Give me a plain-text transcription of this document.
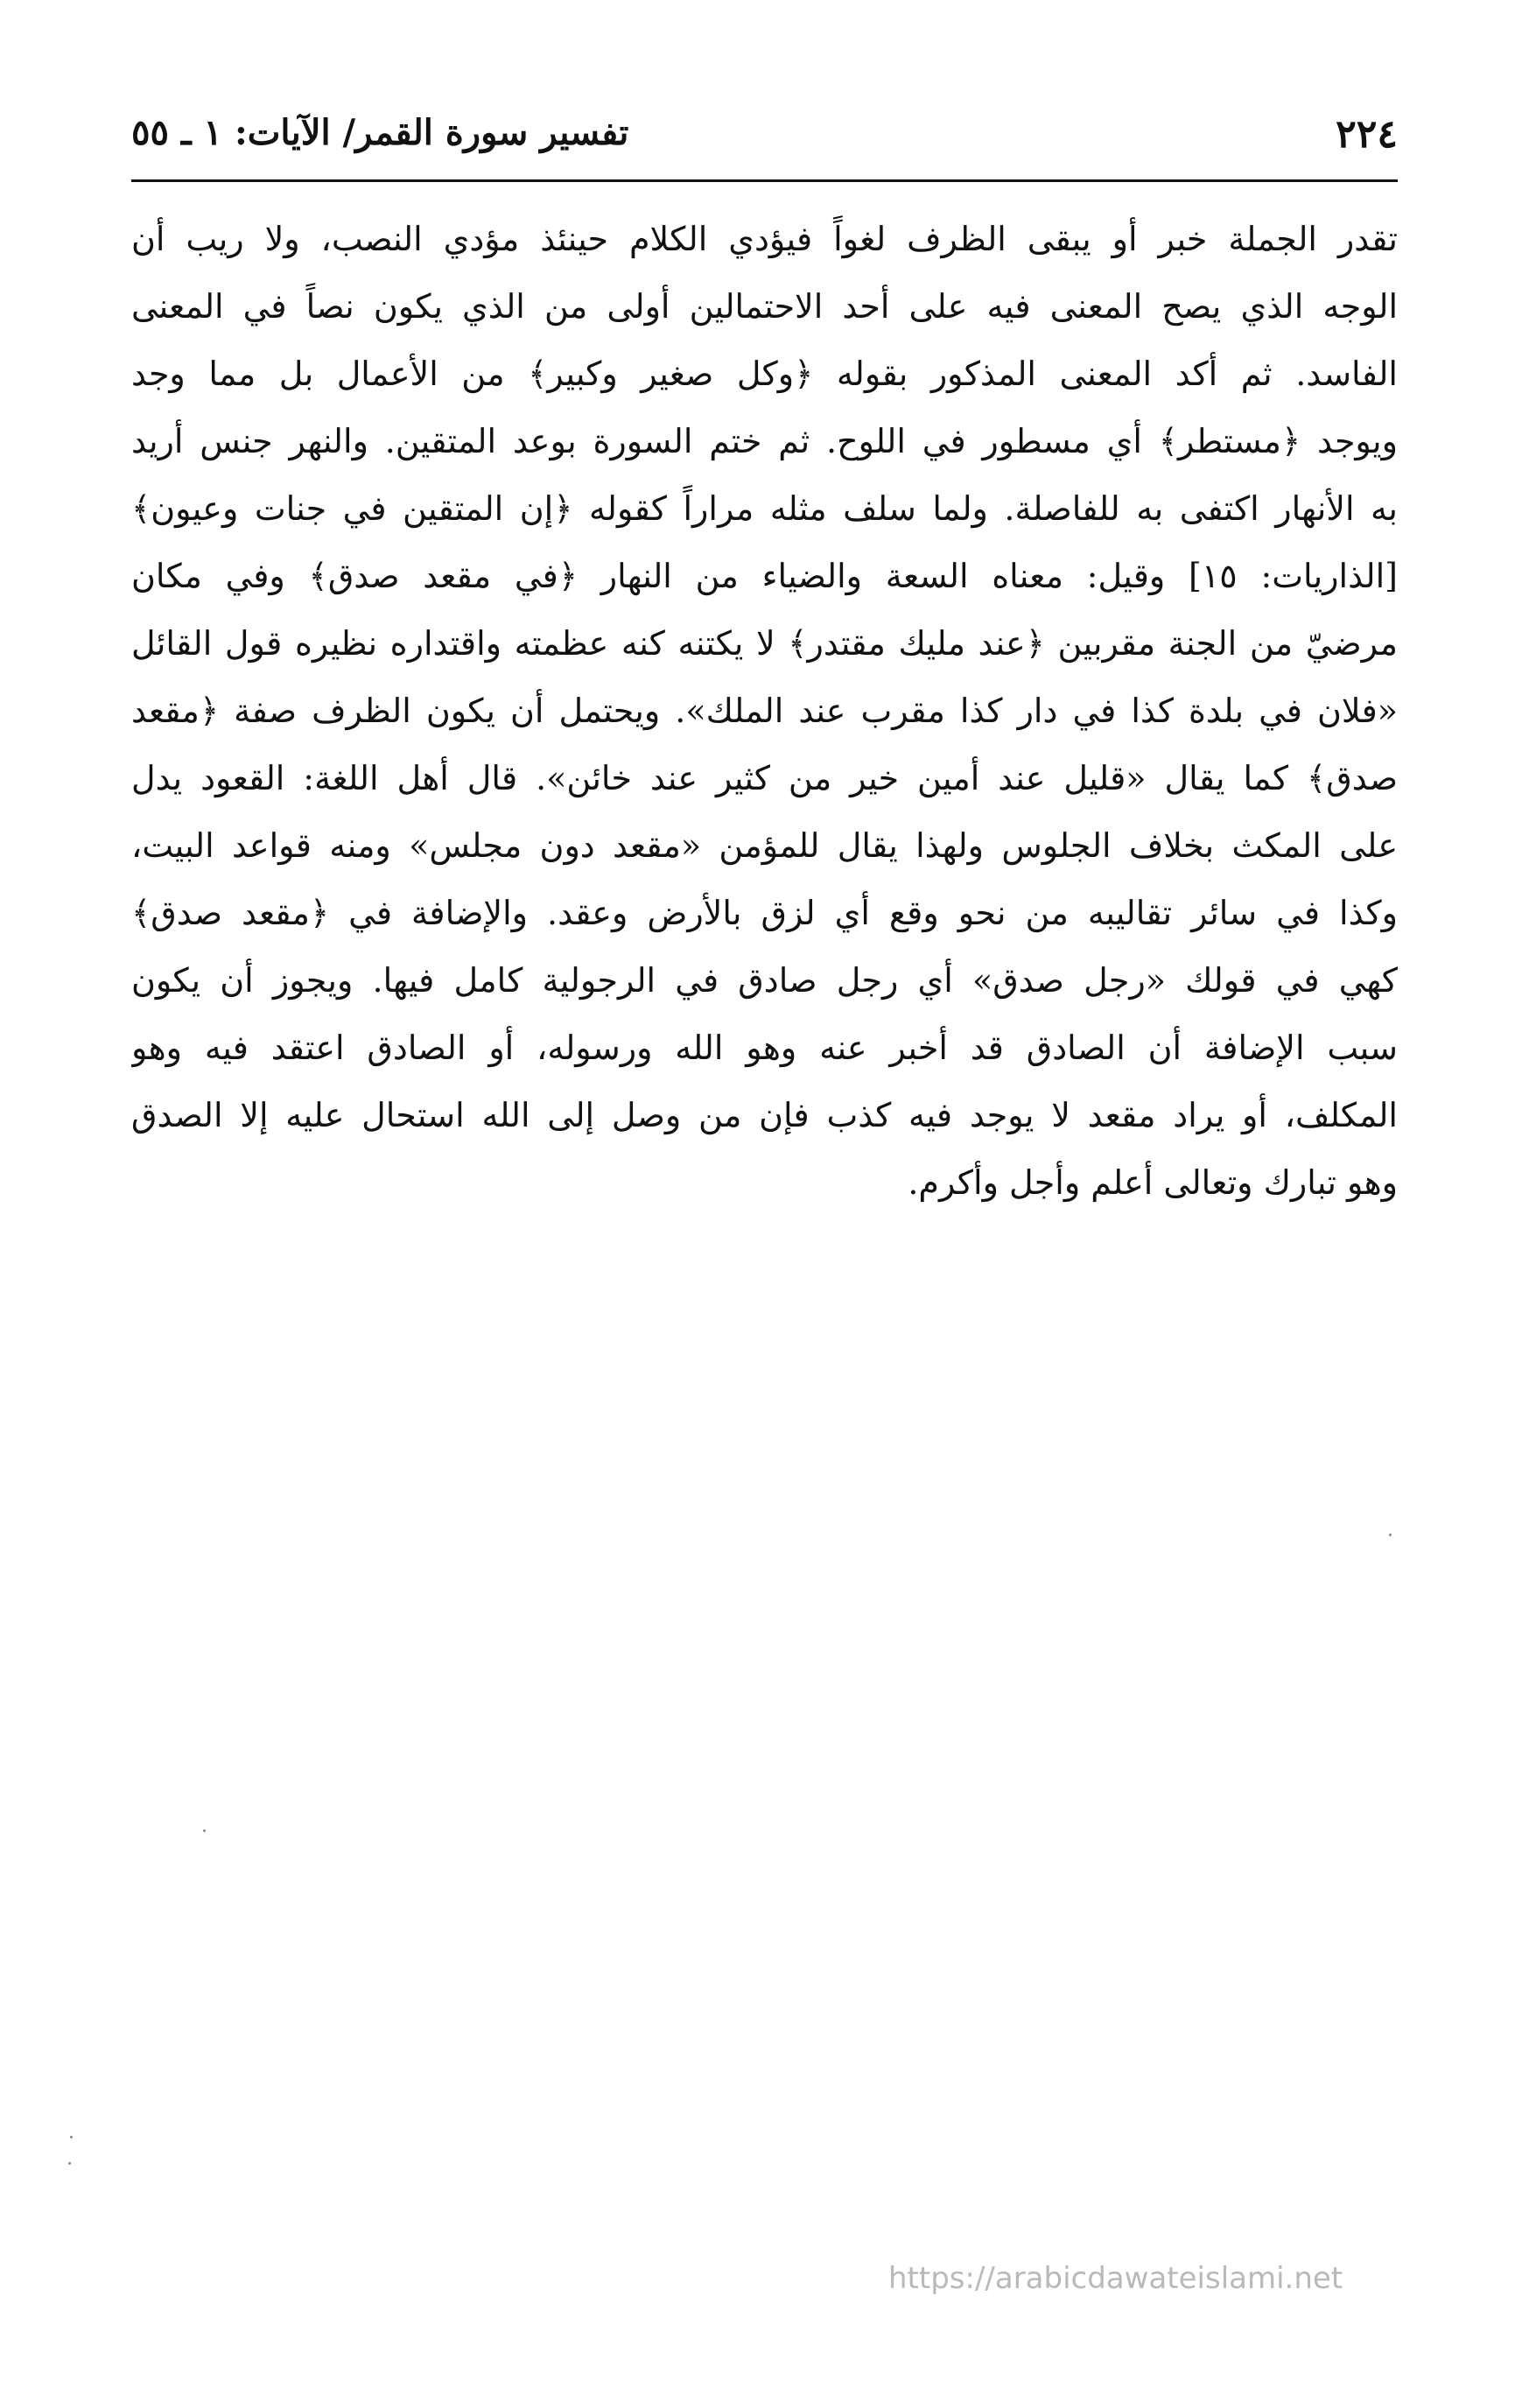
٢٢٤
تفسير سورة القمر/ الآيات: ١ ـ ٥٥
تقدر الجملة خبر أو يبقى الظرف لغواً فيؤدي الكلام حينئذ مؤدي النصب، ولا ريب أن
الوجه الذي يصح المعنى فيه على أحد الاحتمالين أولى من الذي يكون نصاً في المعنى
الفاسد. ثم أكد المعنى المذكور بقوله ﴿وكل صغير وكبير﴾ من الأعمال بل مما وجد
ويوجد ﴿مستطر﴾ أي مسطور في اللوح. ثم ختم السورة بوعد المتقين. والنهر جنس أريد
به الأنهار اكتفى به للفاصلة. ولما سلف مثله مراراً كقوله ﴿إن المتقين في جنات وعيون﴾
[الذاريات: ١٥] وقيل: معناه السعة والضياء من النهار ﴿في مقعد صدق﴾ وفي مكان
مرضيّ من الجنة مقربين ﴿عند مليك مقتدر﴾ لا يكتنه كنه عظمته واقتداره نظيره قول القائل
«فلان في بلدة كذا في دار كذا مقرب عند الملك». ويحتمل أن يكون الظرف صفة ﴿مقعد
صدق﴾ كما يقال «قليل عند أمين خير من كثير عند خائن». قال أهل اللغة: القعود يدل
على المكث بخلاف الجلوس ولهذا يقال للمؤمن «مقعد دون مجلس» ومنه قواعد البيت،
وكذا في سائر تقاليبه من نحو وقع أي لزق بالأرض وعقد. والإضافة في ﴿مقعد صدق﴾
كهي في قولك «رجل صدق» أي رجل صادق في الرجولية كامل فيها. ويجوز أن يكون
سبب الإضافة أن الصادق قد أخبر عنه وهو الله ورسوله، أو الصادق اعتقد فيه وهو
المكلف، أو يراد مقعد لا يوجد فيه كذب فإن من وصل إلى الله استحال عليه إلا الصدق
وهو تبارك وتعالى أعلم وأجل وأكرم.
https://arabicdawateislami.net
